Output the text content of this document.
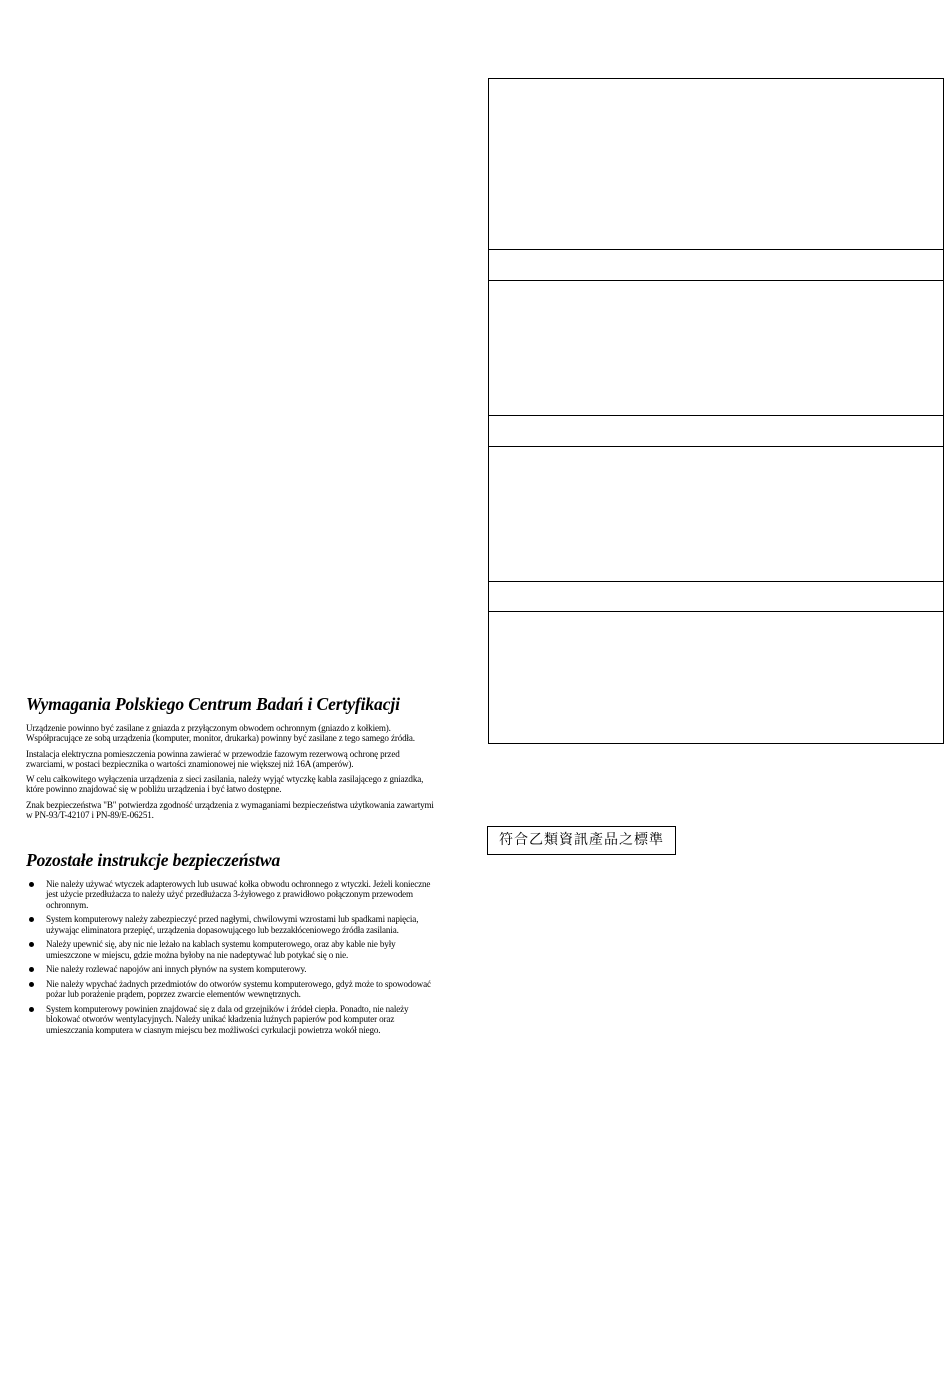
Wymagania Polskiego Centrum Badań i Certyfikacji

Urządzenie powinno być zasilane z gniazda z przyłączonym obwodem ochronnym (gniazdo z kołkiem). Współpracujące ze sobą urządzenia (komputer, monitor, drukarka) powinny być zasilane z tego samego źródła.

Instalacja elektryczna pomieszczenia powinna zawierać w przewodzie fazowym rezerwową ochronę przed zwarciami, w postaci bezpiecznika o wartości znamionowej nie większej niż 16A (amperów).

W celu całkowitego wyłączenia urządzenia z sieci zasilania, należy wyjąć wtyczkę kabla zasilającego z gniazdka, które powinno znajdować się w pobliżu urządzenia i być łatwo dostępne.

Znak bezpieczeństwa "B" potwierdza zgodność urządzenia z wymaganiami bezpieczeństwa użytkowania zawartymi w PN-93/T-42107 i PN-89/E-06251.

Pozostałe instrukcje bezpieczeństwa
Nie należy używać wtyczek adapterowych lub usuwać kołka obwodu ochronnego z wtyczki. Jeżeli konieczne jest użycie przedłużacza to należy użyć przedłużacza 3-żyłowego z prawidłowo połączonym przewodem ochronnym.
System komputerowy należy zabezpieczyć przed nagłymi, chwilowymi wzrostami lub spadkami napięcia, używając eliminatora przepięć, urządzenia dopasowującego lub bezzakłóceniowego źródła zasilania.
Należy upewnić się, aby nic nie leżało na kablach systemu komputerowego, oraz aby kable nie były umieszczone w miejscu, gdzie można byłoby na nie nadeptywać lub potykać się o nie.
Nie należy rozlewać napojów ani innych płynów na system komputerowy.
Nie należy wpychać żadnych przedmiotów do otworów systemu komputerowego, gdyż może to spowodować pożar lub porażenie prądem, poprzez zwarcie elementów wewnętrznych.
System komputerowy powinien znajdować się z dala od grzejników i źródeł ciepła. Ponadto, nie należy blokować otworów wentylacyjnych. Należy unikać kładzenia luźnych papierów pod komputer oraz umieszczania komputera w ciasnym miejscu bez możliwości cyrkulacji powietrza wokół niego.
符合乙類資訊產品之標準
